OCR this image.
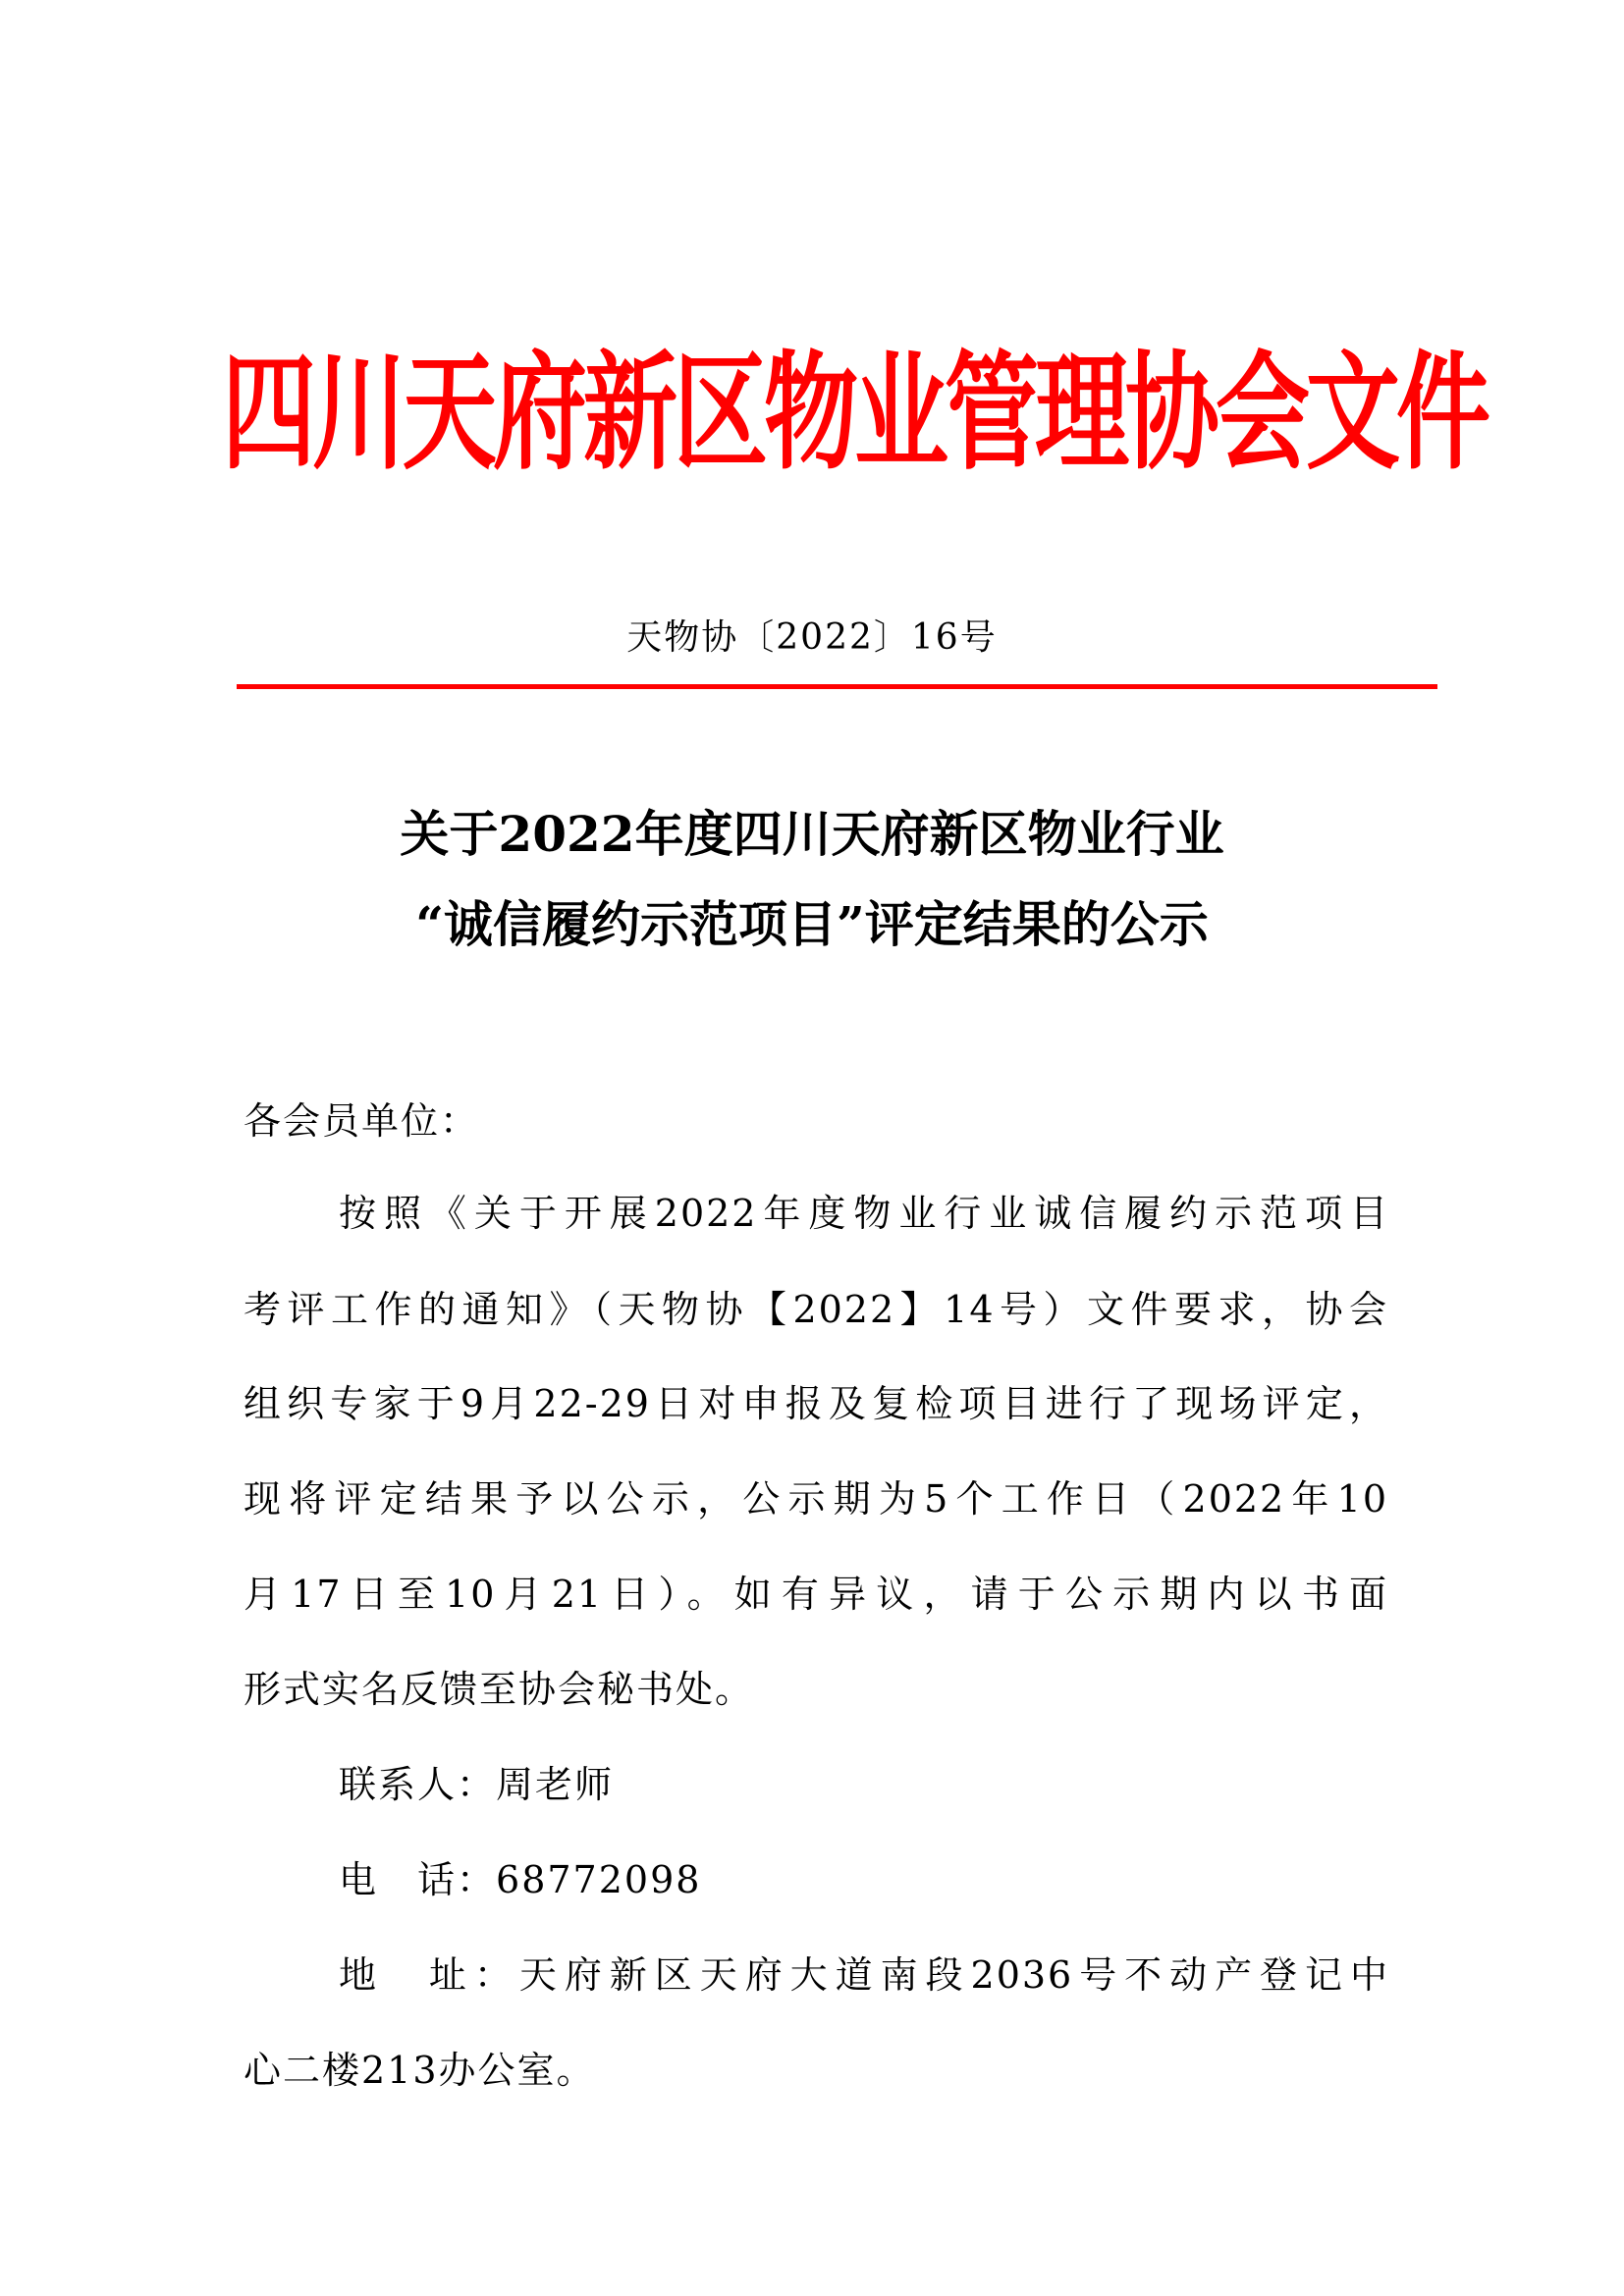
四川天府新区物业管理协会文件
天物协〔2022〕16号
关于2022年度四川天府新区物业行业
“诚信履约示范项目”评定结果的公示
各会员单位：
按照《关于开展2022年度物业行业诚信履约示范项目
考评工作的通知》（天物协【2022】14号）文件要求，协会
组织专家于9月22-29日对申报及复检项目进行了现场评定，
现将评定结果予以公示，公示期为5个工作日（2022年10
月17日至10月21日）。如有异议，请于公示期内以书面
形式实名反馈至协会秘书处。
联系人：周老师
电　话：68772098
地　址：天府新区天府大道南段2036号不动产登记中
心二楼213办公室。
